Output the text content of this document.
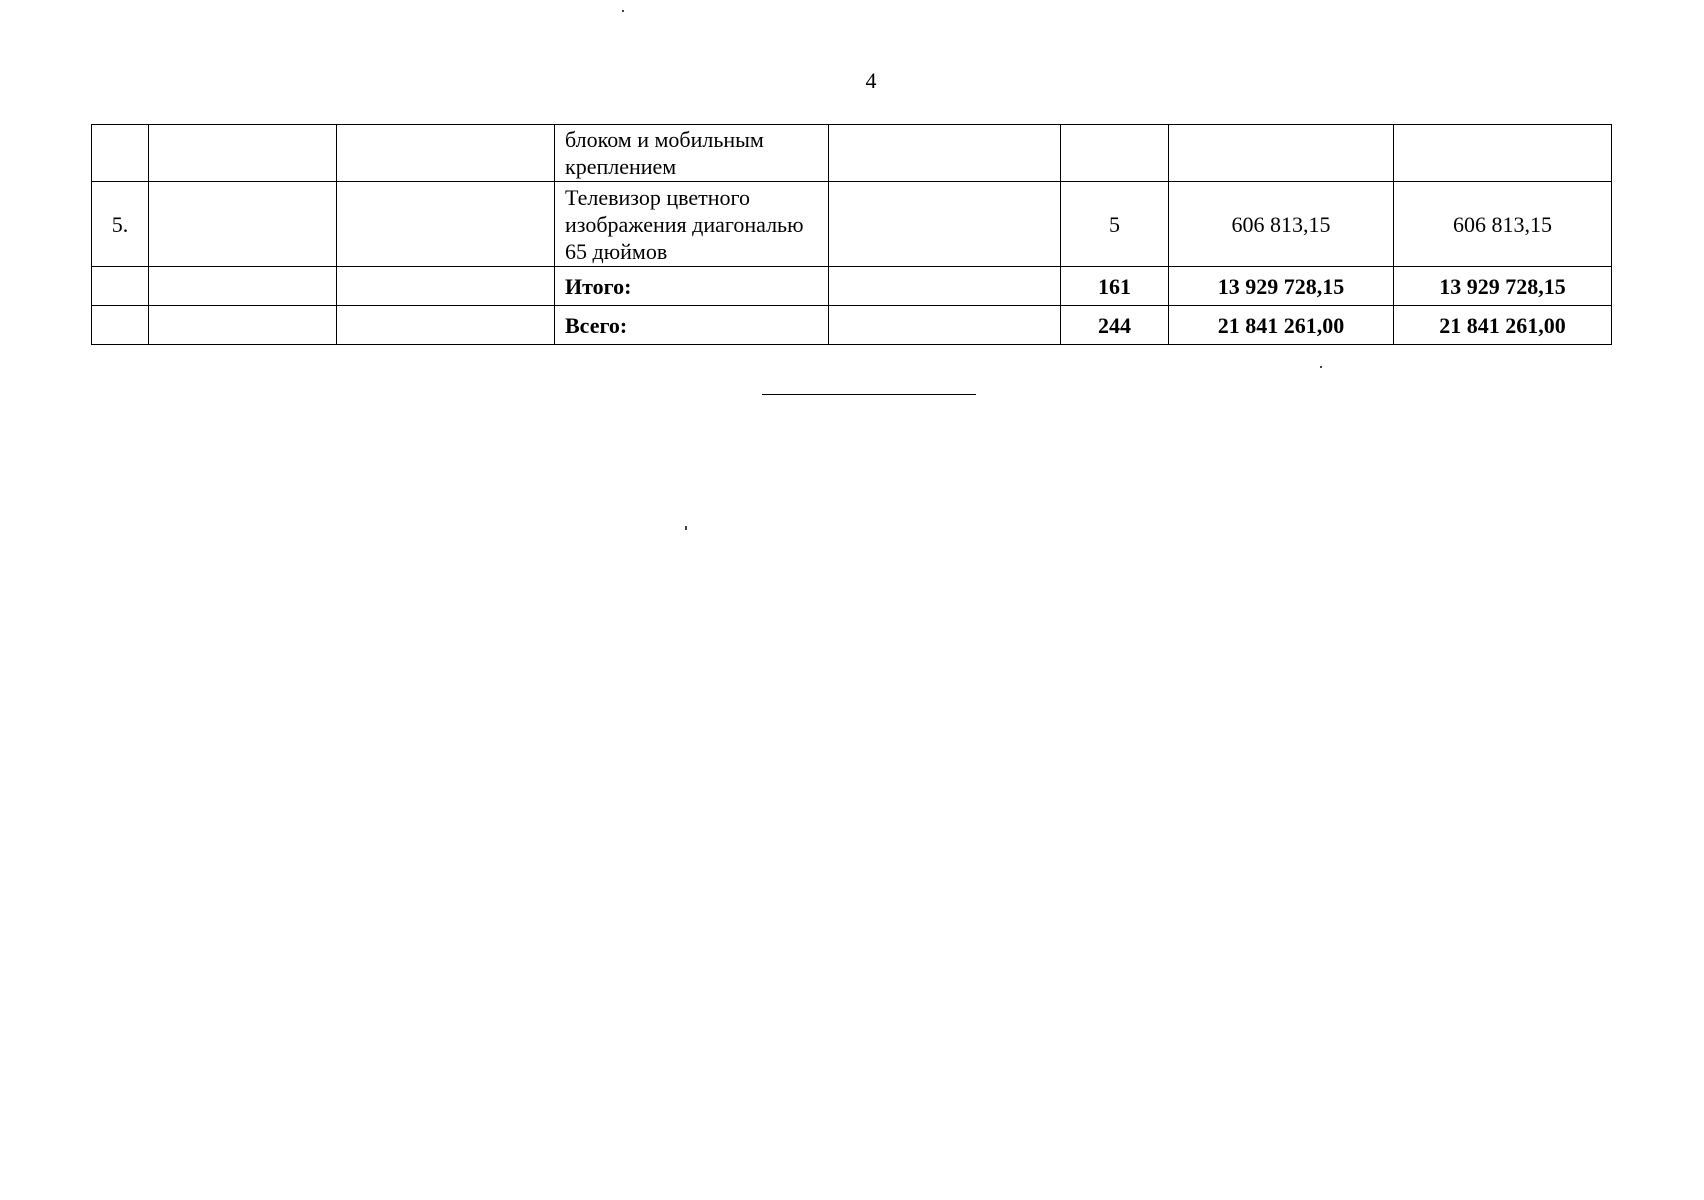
4
			блоком и мобильным креплением				
5.			Телевизор цветного изображения диагональю 65 дюймов		5	606 813,15	606 813,15
			Итого:		161	13 929 728,15	13 929 728,15
			Всего:		244	21 841 261,00	21 841 261,00
